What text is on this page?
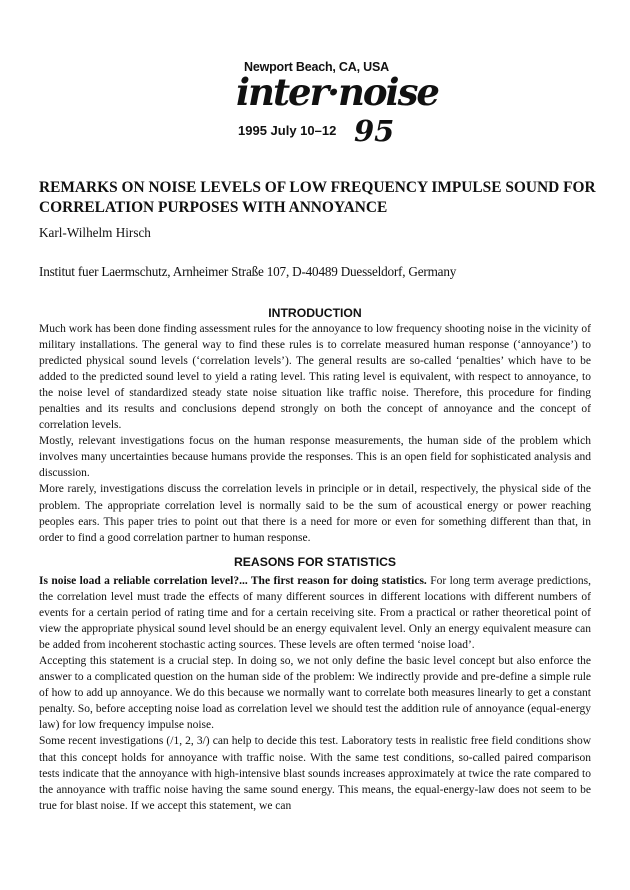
Newport Beach, CA, USA
inter·noise
1995 July 10–12 95
REMARKS ON NOISE LEVELS OF LOW FREQUENCY IMPULSE SOUND FOR CORRELATION PURPOSES WITH ANNOYANCE
Karl-Wilhelm Hirsch
Institut fuer Laermschutz, Arnheimer Straße 107, D-40489 Duesseldorf, Germany
INTRODUCTION

Much work has been done finding assessment rules for the annoyance to low frequency shooting noise in the vicinity of military installations. The general way to find these rules is to correlate measured human response (‘annoyance’) to predicted physical sound levels (‘correlation levels’). The general results are so-called ‘penalties’ which have to be added to the predicted sound level to yield a rating level. This rating level is equivalent, with respect to annoyance, to the noise level of standardized steady state noise situation like traffic noise. Therefore, this procedure for finding penalties and its results and conclusions depend strongly on both the concept of annoyance and the concept of correlation levels.

Mostly, relevant investigations focus on the human response measurements, the human side of the problem which involves many uncertainties because humans provide the responses. This is an open field for sophisticated analysis and discussion.

More rarely, investigations discuss the correlation levels in principle or in detail, respectively, the physical side of the problem. The appropriate correlation level is normally said to be the sum of acoustical energy or power reaching peoples ears. This paper tries to point out that there is a need for more or even for something different than that, in order to find a good correlation partner to human response.

REASONS FOR STATISTICS

Is noise load a reliable correlation level?... The first reason for doing statistics. For long term average predictions, the correlation level must trade the effects of many different sources in different locations with different numbers of events for a certain period of rating time and for a certain receiving site. From a practical or rather theoretical point of view the appropriate physical sound level should be an energy equivalent level. Only an energy equivalent measure can be added from incoherent stochastic acting sources. These levels are often termed ‘noise load’.

Accepting this statement is a crucial step. In doing so, we not only define the basic level concept but also enforce the answer to a complicated question on the human side of the problem: We indirectly provide and pre-define a simple rule of how to add up annoyance. We do this because we normally want to correlate both measures linearly to get a constant penalty. So, before accepting noise load as correlation level we should test the addition rule of annoyance (equal-energy law) for low frequency impulse noise.

Some recent investigations (/1, 2, 3/) can help to decide this test. Laboratory tests in realistic free field conditions show that this concept holds for annoyance with traffic noise. With the same test conditions, so-called paired comparison tests indicate that the annoyance with high-intensive blast sounds increases approximately at twice the rate compared to the annoyance with traffic noise having the same sound energy. This means, the equal-energy-law does not seem to be true for blast noise. If we accept this statement, we can
